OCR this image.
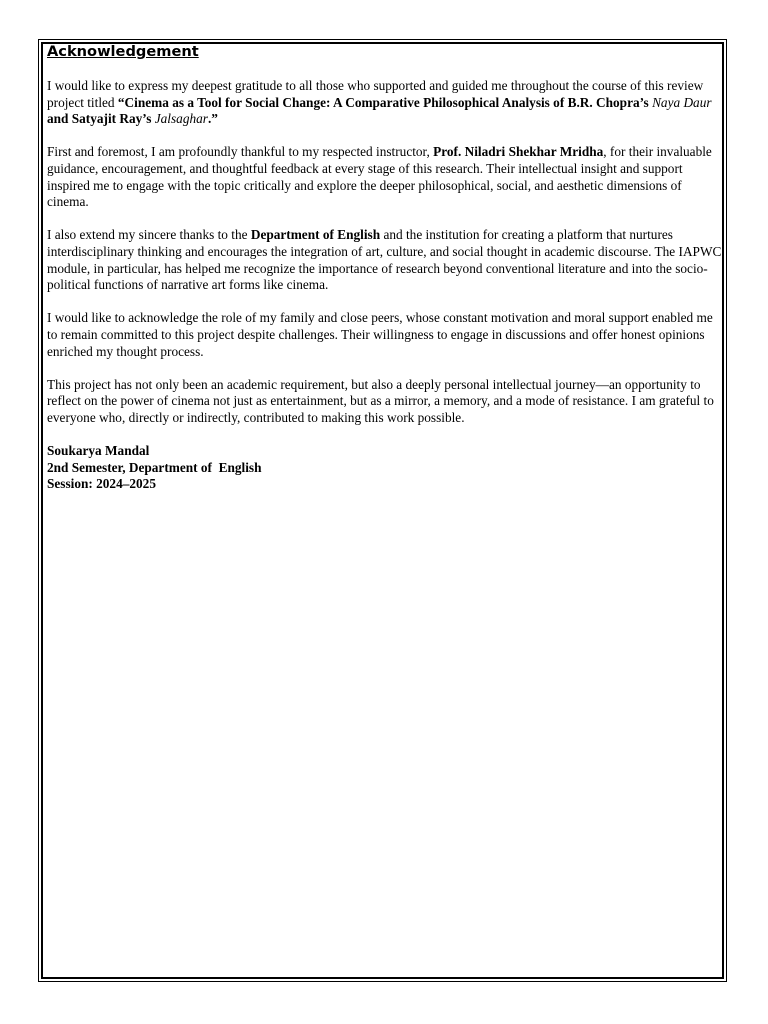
Acknowledgement

I would like to express my deepest gratitude to all those who supported and guided me throughout the course of this review project titled “Cinema as a Tool for Social Change: A Comparative Philosophical Analysis of B.R. Chopra’s Naya Daur and Satyajit Ray’s Jalsaghar.”

First and foremost, I am profoundly thankful to my respected instructor, Prof. Niladri Shekhar Mridha, for their invaluable guidance, encouragement, and thoughtful feedback at every stage of this research. Their intellectual insight and support inspired me to engage with the topic critically and explore the deeper philosophical, social, and aesthetic dimensions of cinema.

I also extend my sincere thanks to the Department of English and the institution for creating a platform that nurtures interdisciplinary thinking and encourages the integration of art, culture, and social thought in academic discourse. The IAPWC module, in particular, has helped me recognize the importance of research beyond conventional literature and into the socio-political functions of narrative art forms like cinema.

I would like to acknowledge the role of my family and close peers, whose constant motivation and moral support enabled me to remain committed to this project despite challenges. Their willingness to engage in discussions and offer honest opinions enriched my thought process.

This project has not only been an academic requirement, but also a deeply personal intellectual journey—an opportunity to reflect on the power of cinema not just as entertainment, but as a mirror, a memory, and a mode of resistance. I am grateful to everyone who, directly or indirectly, contributed to making this work possible.

Soukarya Mandal

2nd Semester, Department of  English

Session: 2024–2025
